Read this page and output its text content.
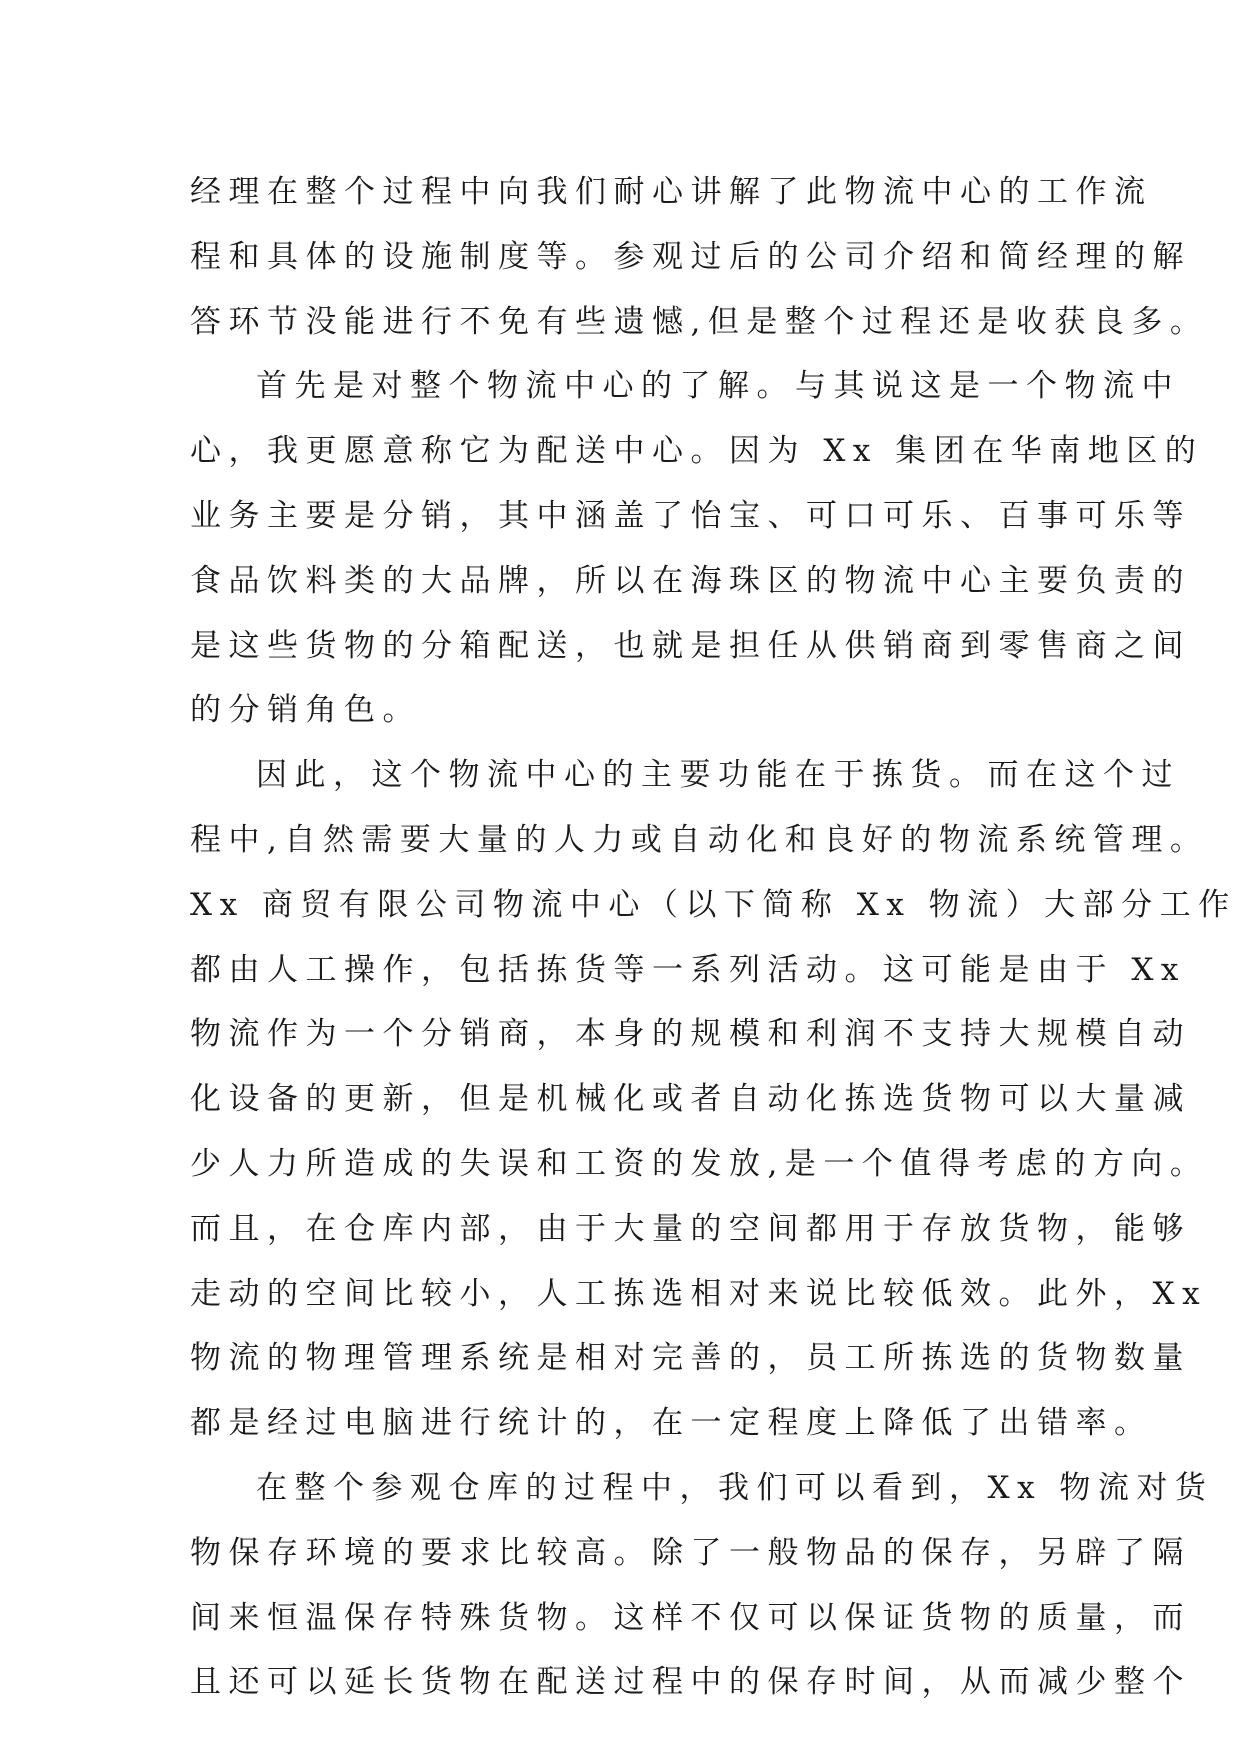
经理在整个过程中向我们耐心讲解了此物流中心的工作流
程和具体的设施制度等。参观过后的公司介绍和简经理的解
答环节没能进行不免有些遗憾,但是整个过程还是收获良多。
首先是对整个物流中心的了解。与其说这是一个物流中
心，我更愿意称它为配送中心。因为 Xx 集团在华南地区的
业务主要是分销，其中涵盖了怡宝、可口可乐、百事可乐等
食品饮料类的大品牌，所以在海珠区的物流中心主要负责的
是这些货物的分箱配送，也就是担任从供销商到零售商之间
的分销角色。
因此，这个物流中心的主要功能在于拣货。而在这个过
程中,自然需要大量的人力或自动化和良好的物流系统管理。
Xx 商贸有限公司物流中心（以下简称 Xx 物流）大部分工作
都由人工操作，包括拣货等一系列活动。这可能是由于 Xx
物流作为一个分销商，本身的规模和利润不支持大规模自动
化设备的更新，但是机械化或者自动化拣选货物可以大量减
少人力所造成的失误和工资的发放,是一个值得考虑的方向。
而且，在仓库内部，由于大量的空间都用于存放货物，能够
走动的空间比较小，人工拣选相对来说比较低效。此外，Xx
物流的物理管理系统是相对完善的，员工所拣选的货物数量
都是经过电脑进行统计的，在一定程度上降低了出错率。
在整个参观仓库的过程中，我们可以看到，Xx 物流对货
物保存环境的要求比较高。除了一般物品的保存，另辟了隔
间来恒温保存特殊货物。这样不仅可以保证货物的质量，而
且还可以延长货物在配送过程中的保存时间，从而减少整个
